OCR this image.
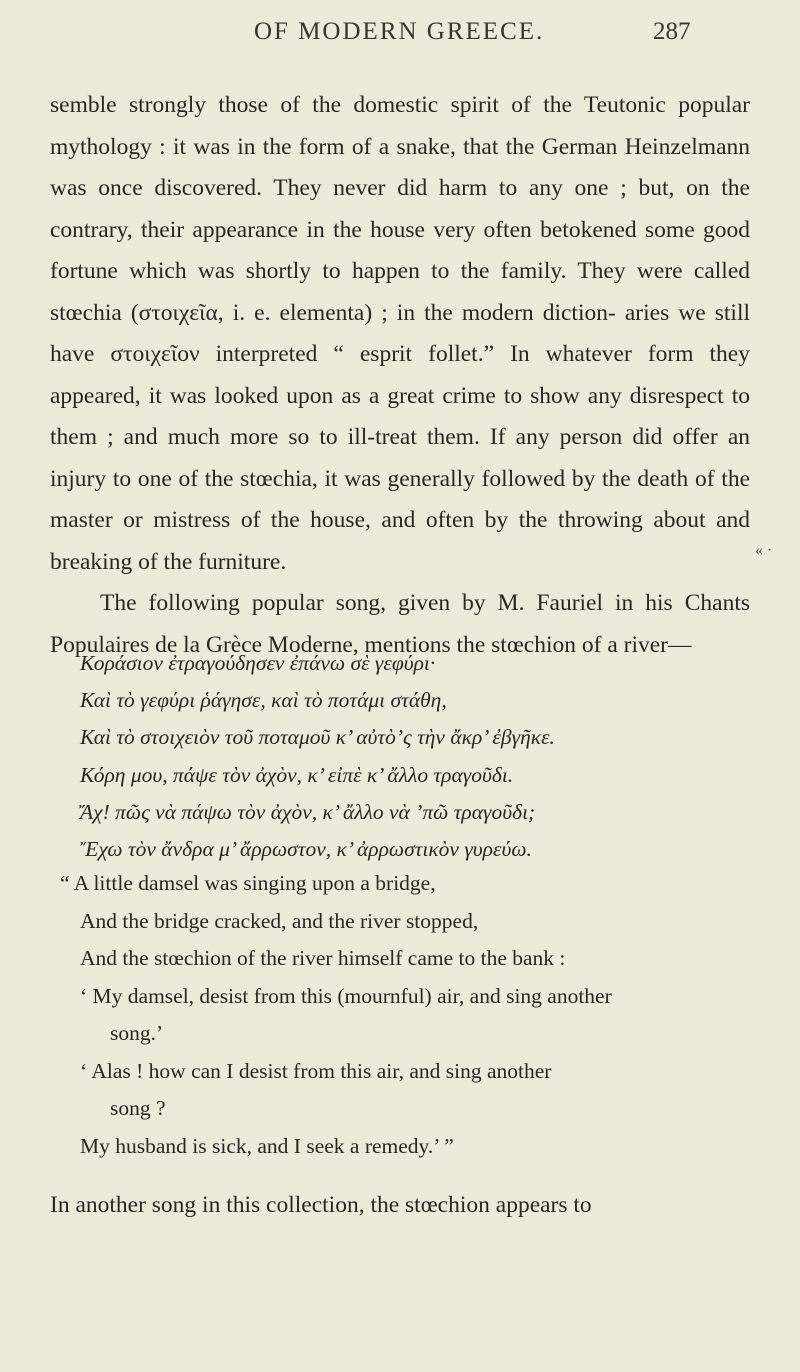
OF MODERN GREECE.	287

semble strongly those of the domestic spirit of the Teutonic popular mythology : it was in the form of a snake, that the German Heinzelmann was once discovered. They never did harm to any one ; but, on the contrary, their appearance in the house very often betokened some good fortune which was shortly to happen to the family. They were called stœchia (στοιχεῖα, i. e. elementa) ; in the modern diction- aries we still have στοιχεῖον interpreted “ esprit follet.” In whatever form they appeared, it was looked upon as a great crime to show any disrespect to them ; and much more so to ill-treat them. If any person did offer an injury to one of the stœchia, it was generally followed by the death of the master or mistress of the house, and often by the throwing about and breaking of the furniture.

The following popular song, given by M. Fauriel in his Chants Populaires de la Grèce Moderne, mentions the stœchion of a river—

« ·
Κοράσιον ἐτραγούδησεν ἐπάνω σὲ γεφύρι·
Καὶ τὸ γεφύρι ῥάγησε, καὶ τὸ ποτάμι στάθη,
Καὶ τὸ στοιχειὸν τοῦ ποταμοῦ κ’ αὐτὸ’ς τὴν ἄκρ’ ἐβγῆκε.
Κόρη μου, πάψε τὸν ἀχὸν, κ’ εἰπὲ κ’ ἄλλο τραγοῦδι.
Ἄχ! πῶς νὰ πάψω τὸν ἀχὸν, κ’ ἄλλο νὰ ’πῶ τραγοῦδι;
Ἔχω τὸν ἄνδρα μ’ ἄρρωστον, κ’ ἀρρωστικὸν γυρεύω.
“ A little damsel was singing upon a bridge,
And the bridge cracked, and the river stopped,
And the stœchion of the river himself came to the bank :
‘ My damsel, desist from this (mournful) air, and sing another
song.’
‘ Alas ! how can I desist from this air, and sing another
song ?
My husband is sick, and I seek a remedy.’ ”
In another song in this collection, the stœchion appears to
